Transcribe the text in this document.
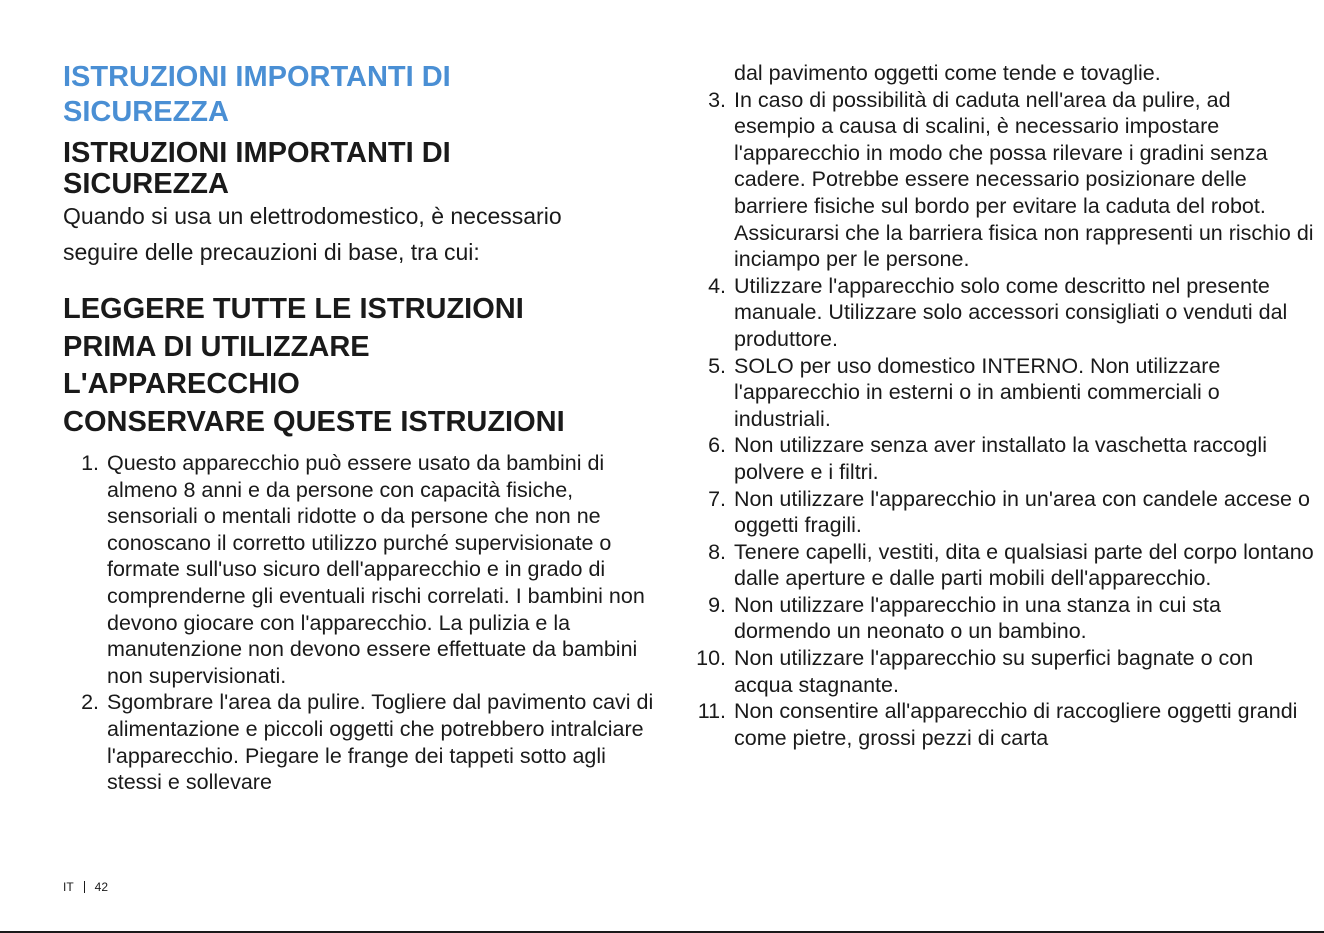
ISTRUZIONI IMPORTANTI DI SICUREZZA
ISTRUZIONI IMPORTANTI DI SICUREZZA

Quando si usa un elettrodomestico, è necessario seguire delle precauzioni di base, tra cui:

LEGGERE TUTTE LE ISTRUZIONI
PRIMA DI UTILIZZARE
L'APPARECCHIO
CONSERVARE QUESTE ISTRUZIONI
1. Questo apparecchio può essere usato da bambini di almeno 8 anni e da persone con capacità fisiche, sensoriali o mentali ridotte o da persone che non ne conoscano il corretto utilizzo purché supervisionate o formate sull'uso sicuro dell'apparecchio e in grado di comprenderne gli eventuali rischi correlati. I bambini non devono giocare con l'apparecchio. La pulizia e la manutenzione non devono essere effettuate da bambini non supervisionati.
2. Sgombrare l'area da pulire. Togliere dal pavimento cavi di alimentazione e piccoli oggetti che potrebbero intralciare l'apparecchio. Piegare le frange dei tappeti sotto agli stessi e sollevare
dal pavimento oggetti come tende e tovaglie.
3. In caso di possibilità di caduta nell'area da pulire, ad esempio a causa di scalini, è necessario impostare l'apparecchio in modo che possa rilevare i gradini senza cadere. Potrebbe essere necessario posizionare delle barriere fisiche sul bordo per evitare la caduta del robot. Assicurarsi che la barriera fisica non rappresenti un rischio di inciampo per le persone.
4. Utilizzare l'apparecchio solo come descritto nel presente manuale. Utilizzare solo accessori consigliati o venduti dal produttore.
5. SOLO per uso domestico INTERNO. Non utilizzare l'apparecchio in esterni o in ambienti commerciali o industriali.
6. Non utilizzare senza aver installato la vaschetta raccogli polvere e i filtri.
7. Non utilizzare l'apparecchio in un'area con candele accese o oggetti fragili.
8. Tenere capelli, vestiti, dita e qualsiasi parte del corpo lontano dalle aperture e dalle parti mobili dell'apparecchio.
9. Non utilizzare l'apparecchio in una stanza in cui sta dormendo un neonato o un bambino.
10. Non utilizzare l'apparecchio su superfici bagnate o con acqua stagnante.
11. Non consentire all'apparecchio di raccogliere oggetti grandi come pietre, grossi pezzi di carta
IT 42
